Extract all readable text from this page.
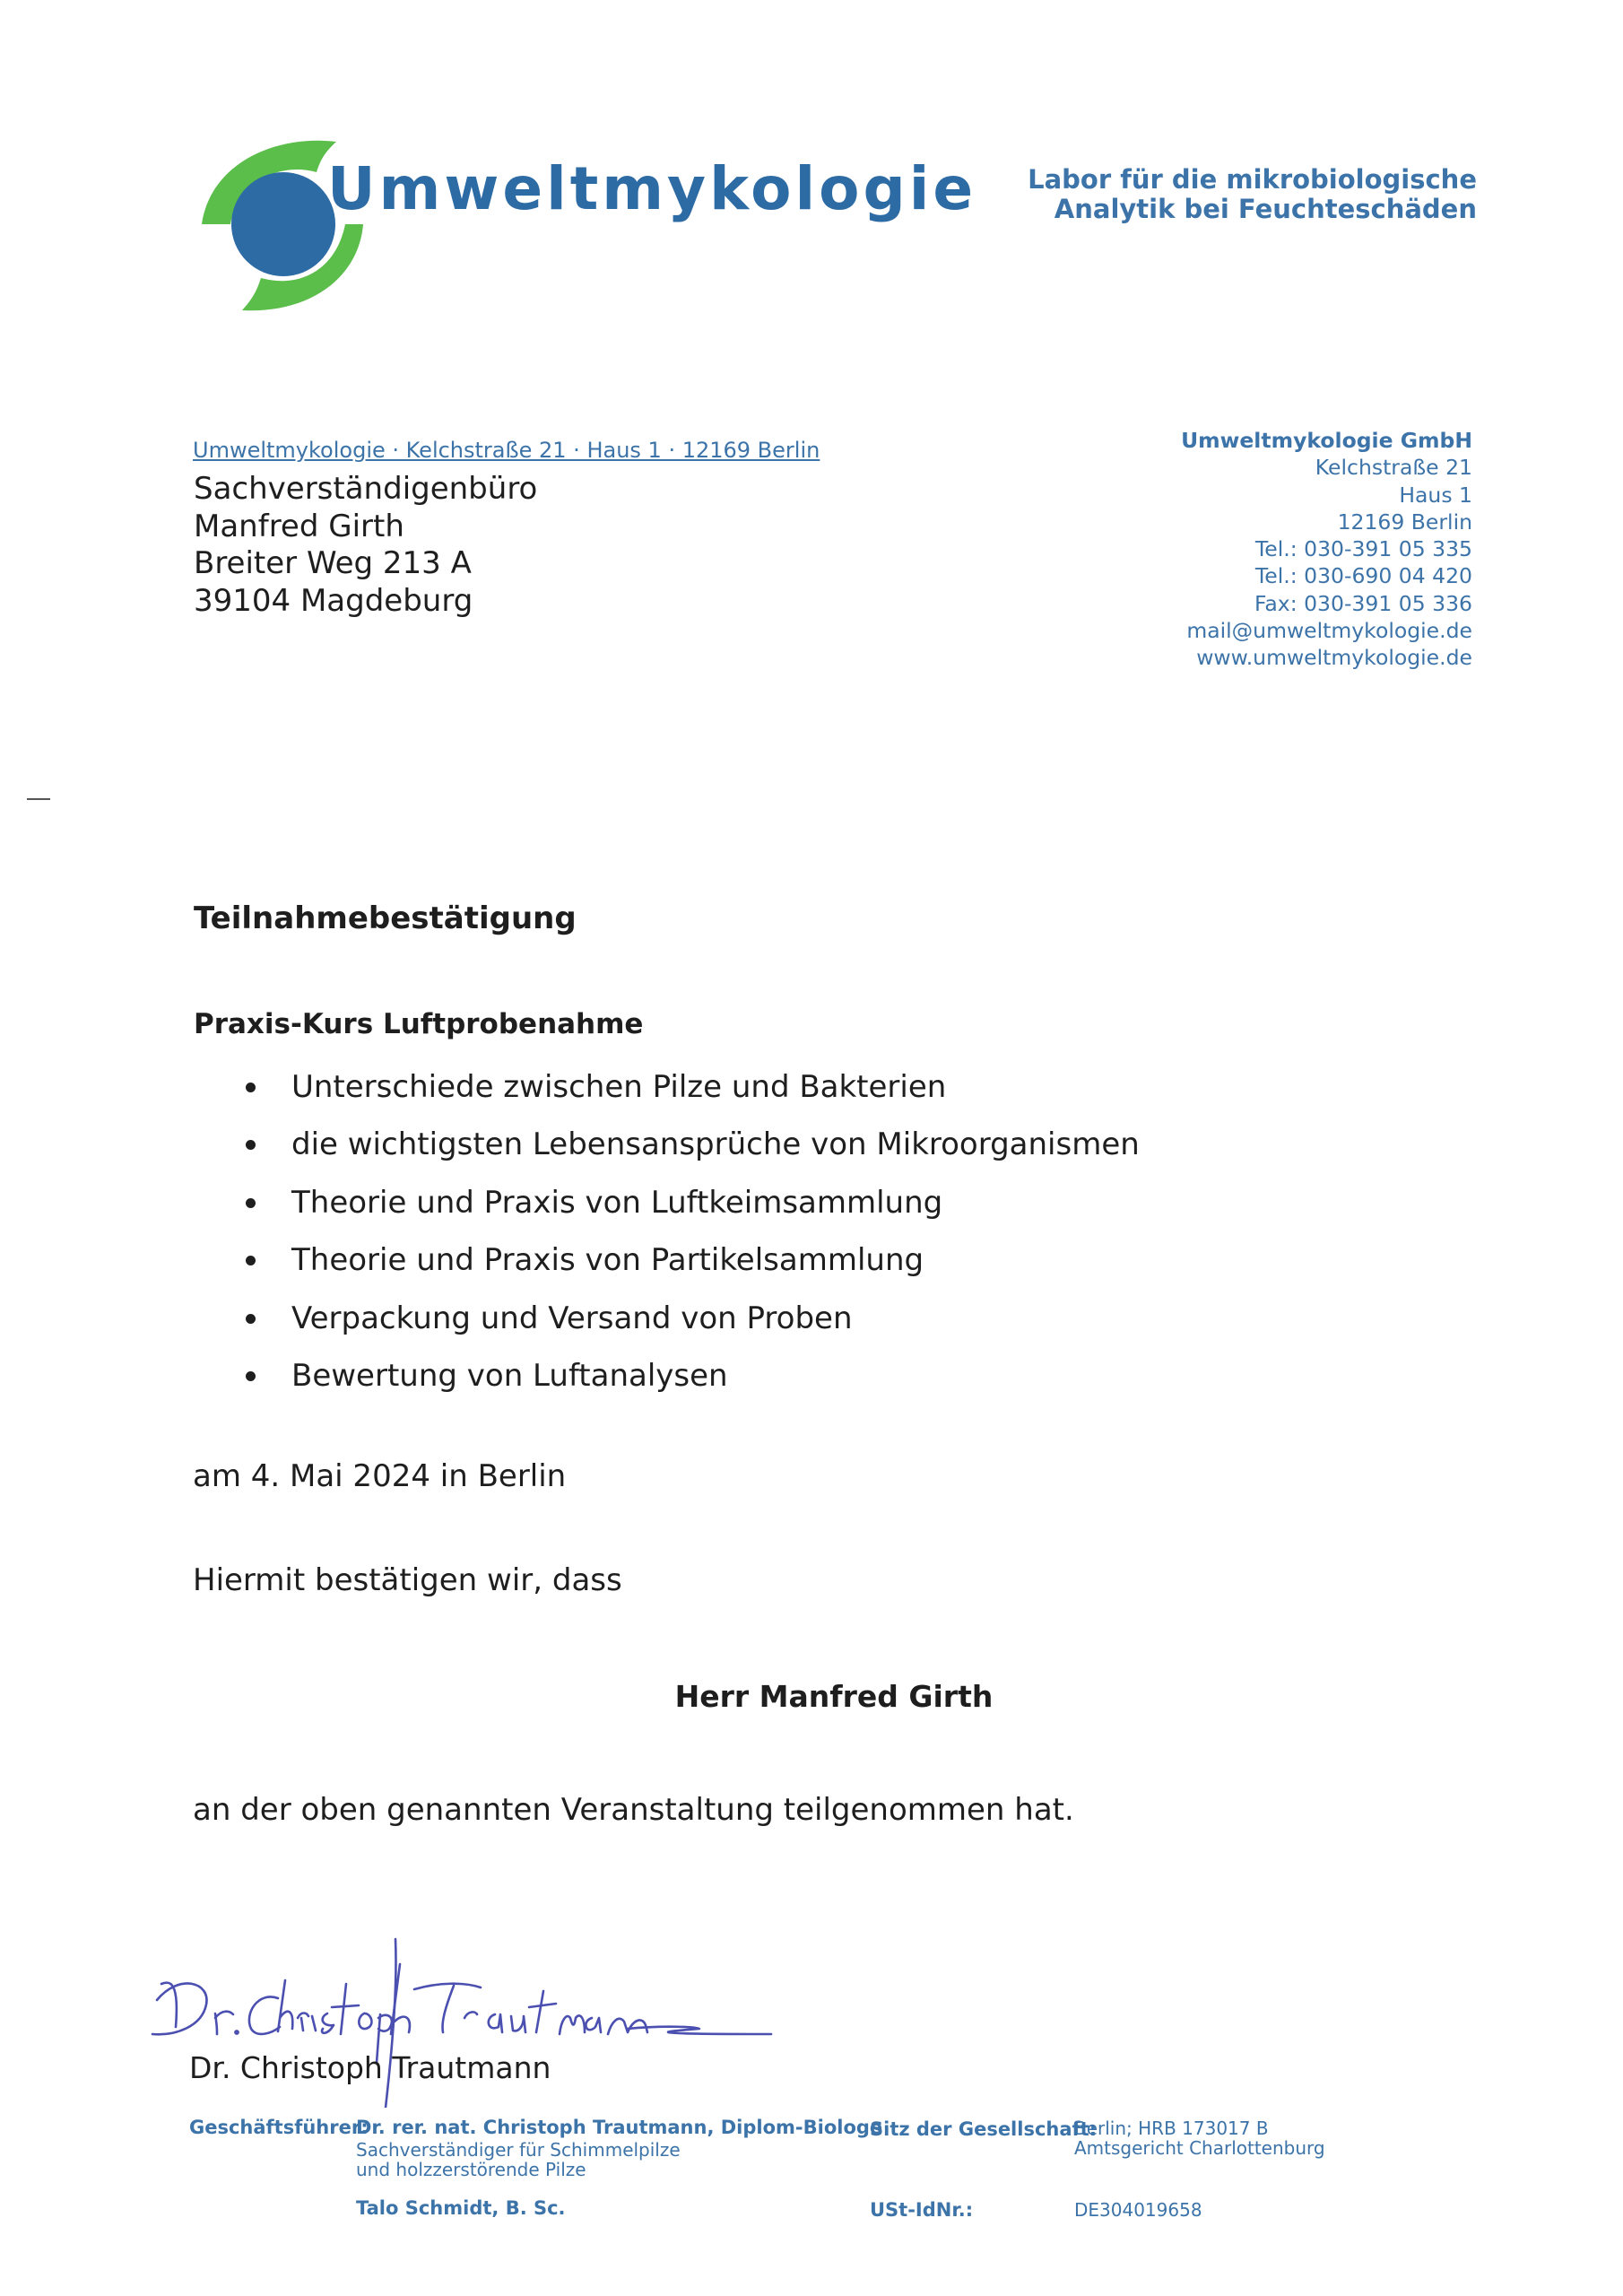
Umweltmykologie Labor für die mikrobiologische
Analytik bei Feuchteschäden
Umweltmykologie · Kelchstraße 21 · Haus 1 · 12169 Berlin
Sachverständigenbüro
Manfred Girth
Breiter Weg 213 A
39104 Magdeburg
Umweltmykologie GmbH
Kelchstraße 21
Haus 1
12169 Berlin
Tel.: 030-391 05 335
Tel.: 030-690 04 420
Fax: 030-391 05 336
mail@umweltmykologie.de
www.umweltmykologie.de
Teilnahmebestätigung
Praxis-Kurs Luftprobenahme
Unterschiede zwischen Pilze und Bakterien
die wichtigsten Lebensansprüche von Mikroorganismen
Theorie und Praxis von Luftkeimsammlung
Theorie und Praxis von Partikelsammlung
Verpackung und Versand von Proben
Bewertung von Luftanalysen
am 4. Mai 2024 in Berlin
Hiermit bestätigen wir, dass
Herr Manfred Girth
an der oben genannten Veranstaltung teilgenommen hat.
Dr. Christoph Trautmann
Geschäftsführer:
Dr. rer. nat. Christoph Trautmann, Diplom-Biologe
Sachverständiger für Schimmelpilze
und holzzerstörende Pilze
Talo Schmidt, B. Sc.
Sitz der Gesellschaft:
Berlin; HRB 173017 B
Amtsgericht Charlottenburg
USt-IdNr.:	DE304019658
